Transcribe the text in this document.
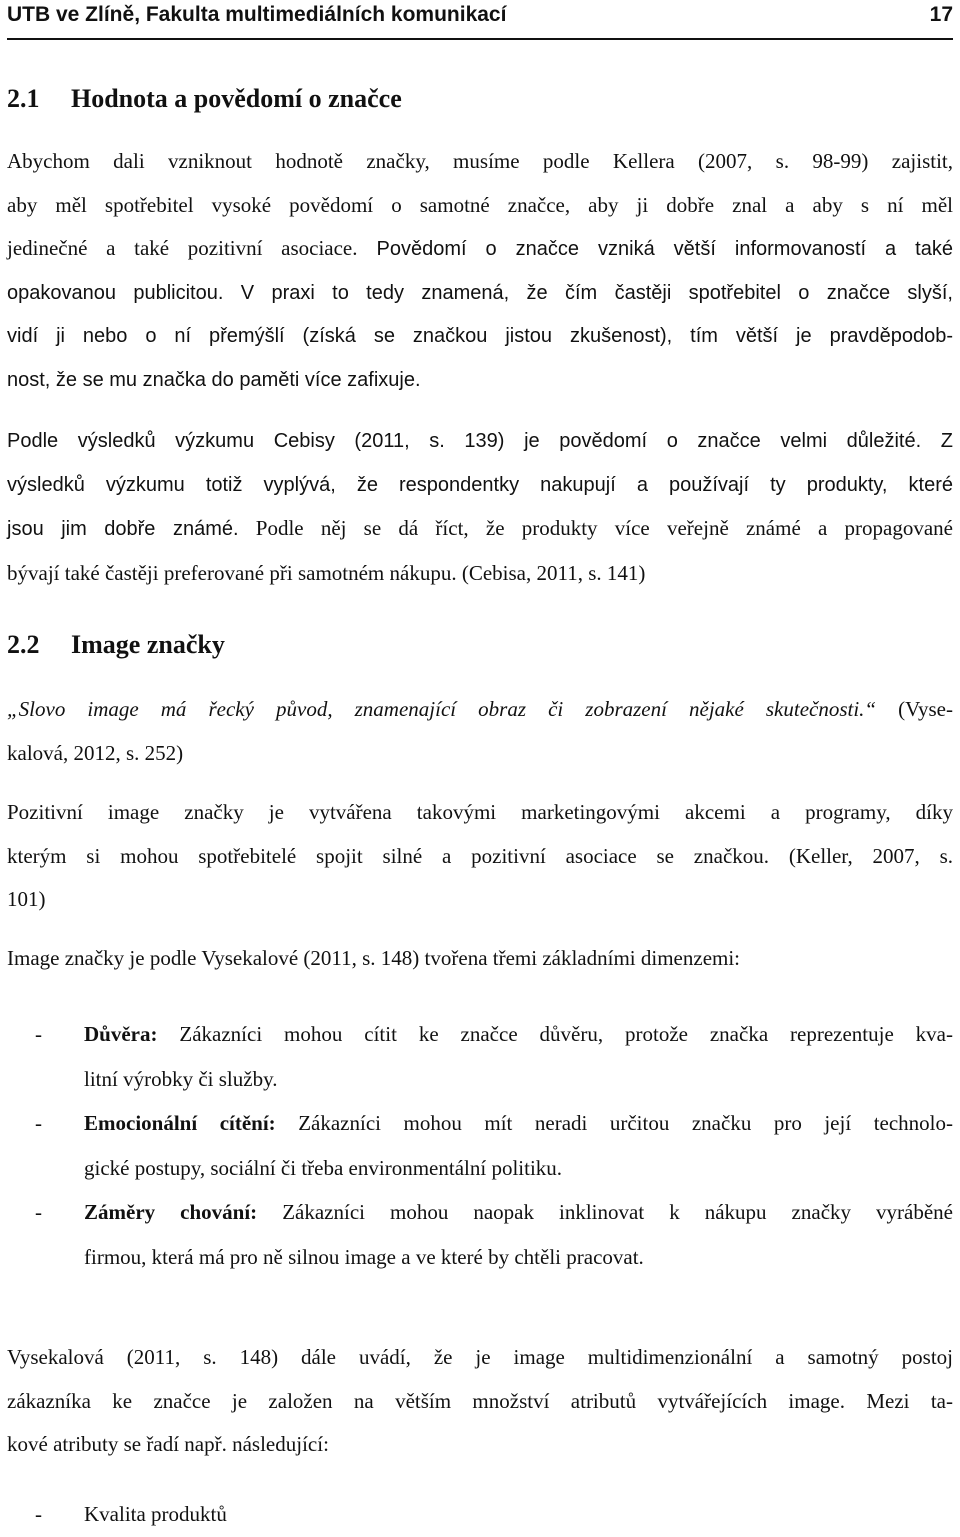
UTB ve Zlíně, Fakulta multimediálních komunikací	17
2.1 Hodnota a povědomí o značce
Abychom dali vzniknout hodnotě značky, musíme podle Kellera (2007, s. 98-99) zajistit,
aby měl spotřebitel vysoké povědomí o samotné značce, aby ji dobře znal a aby s ní měl
jedinečné a také pozitivní asociace. Povědomí o značce vzniká větší informovaností a také
opakovanou publicitou. V praxi to tedy znamená, že čím častěji spotřebitel o značce slyší,
vidí ji nebo o ní přemýšlí (získá se značkou jistou zkušenost), tím větší je pravděpodob-
nost, že se mu značka do paměti více zafixuje.
Podle výsledků výzkumu Cebisy (2011, s. 139) je povědomí o značce velmi důležité. Z
výsledků výzkumu totiž vyplývá, že respondentky nakupují a používají ty produkty, které
jsou jim dobře známé. Podle něj se dá říct, že produkty více veřejně známé a propagované
bývají také častěji preferované při samotném nákupu. (Cebisa, 2011, s. 141)
2.2 Image značky
„Slovo image má řecký původ, znamenající obraz či zobrazení nějaké skutečnosti.“ (Vyse-
kalová, 2012, s. 252)
Pozitivní image značky je vytvářena takovými marketingovými akcemi a programy, díky
kterým si mohou spotřebitelé spojit silné a pozitivní asociace se značkou. (Keller, 2007, s.
101)
Image značky je podle Vysekalové (2011, s. 148) tvořena třemi základními dimenzemi:
- Důvěra: Zákazníci mohou cítit ke značce důvěru, protože značka reprezentuje kva-
litní výrobky či služby.
- Emocionální cítění: Zákazníci mohou mít neradi určitou značku pro její technolo-
gické postupy, sociální či třeba environmentální politiku.
- Záměry chování: Zákazníci mohou naopak inklinovat k nákupu značky vyráběné
firmou, která má pro ně silnou image a ve které by chtěli pracovat.
Vysekalová (2011, s. 148) dále uvádí, že je image multidimenzionální a samotný postoj
zákazníka ke značce je založen na větším množství atributů vytvářejících image. Mezi ta-
kové atributy se řadí např. následující:
- Kvalita produktů
